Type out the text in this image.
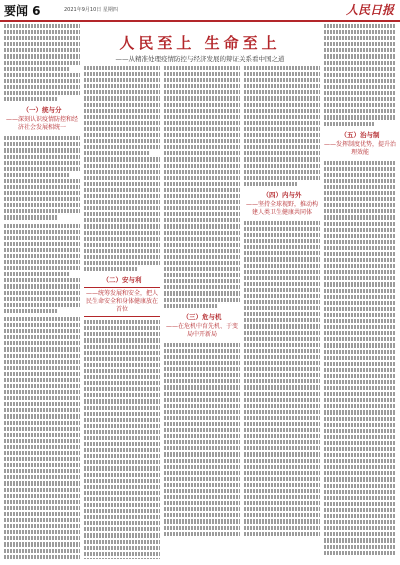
要闻 6	2021年9月10日 星期四	人民日报
人民至上 生命至上
——从精准处理疫情防控与经济发展的辩证关系看中国之道
（一）统与分
——深刻认识疫情防控和经济社会发展相统一
（二）安与利
——统筹发展和安全，把人民生命安全和身体健康放在首位
（三）危与机
——在危机中育先机、于变局中开新局
（四）内与外
——坚持全球视野，推动构建人类卫生健康共同体
（五）治与制
——发挥制度优势，提升治理效能
